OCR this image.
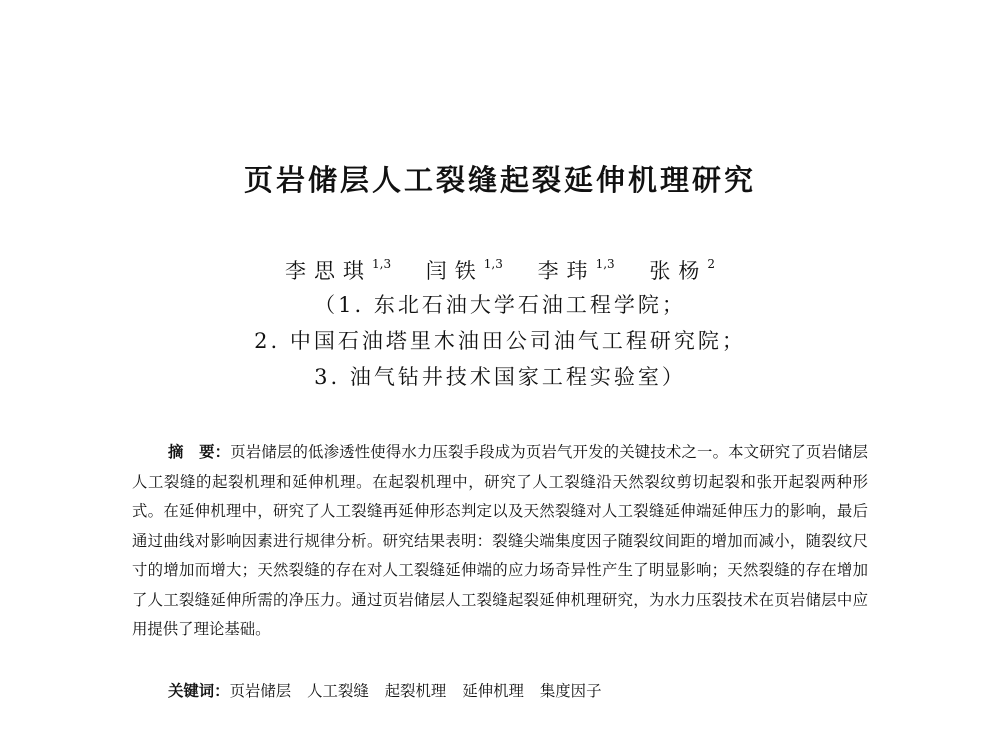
页岩储层人工裂缝起裂延伸机理研究
李思琪$^{1,3}$ 闫铁$^{1,3}$ 李玮$^{1,3}$ 张杨$^2$
（1. 东北石油大学石油工程学院；
2. 中国石油塔里木油田公司油气工程研究院；
3. 油气钻井技术国家工程实验室）

摘　要：页岩储层的低渗透性使得水力压裂手段成为页岩气开发的关键技术之一。本文研究了页岩储层人工裂缝的起裂机理和延伸机理。在起裂机理中，研究了人工裂缝沿天然裂纹剪切起裂和张开起裂两种形式。在延伸机理中，研究了人工裂缝再延伸形态判定以及天然裂缝对人工裂缝延伸端延伸压力的影响，最后通过曲线对影响因素进行规律分析。研究结果表明：裂缝尖端集度因子随裂纹间距的增加而减小，随裂纹尺寸的增加而增大；天然裂缝的存在对人工裂缝延伸端的应力场奇异性产生了明显影响；天然裂缝的存在增加了人工裂缝延伸所需的净压力。通过页岩储层人工裂缝起裂延伸机理研究，为水力压裂技术在页岩储层中应用提供了理论基础。

关键词：页岩储层 人工裂缝 起裂机理 延伸机理 集度因子
